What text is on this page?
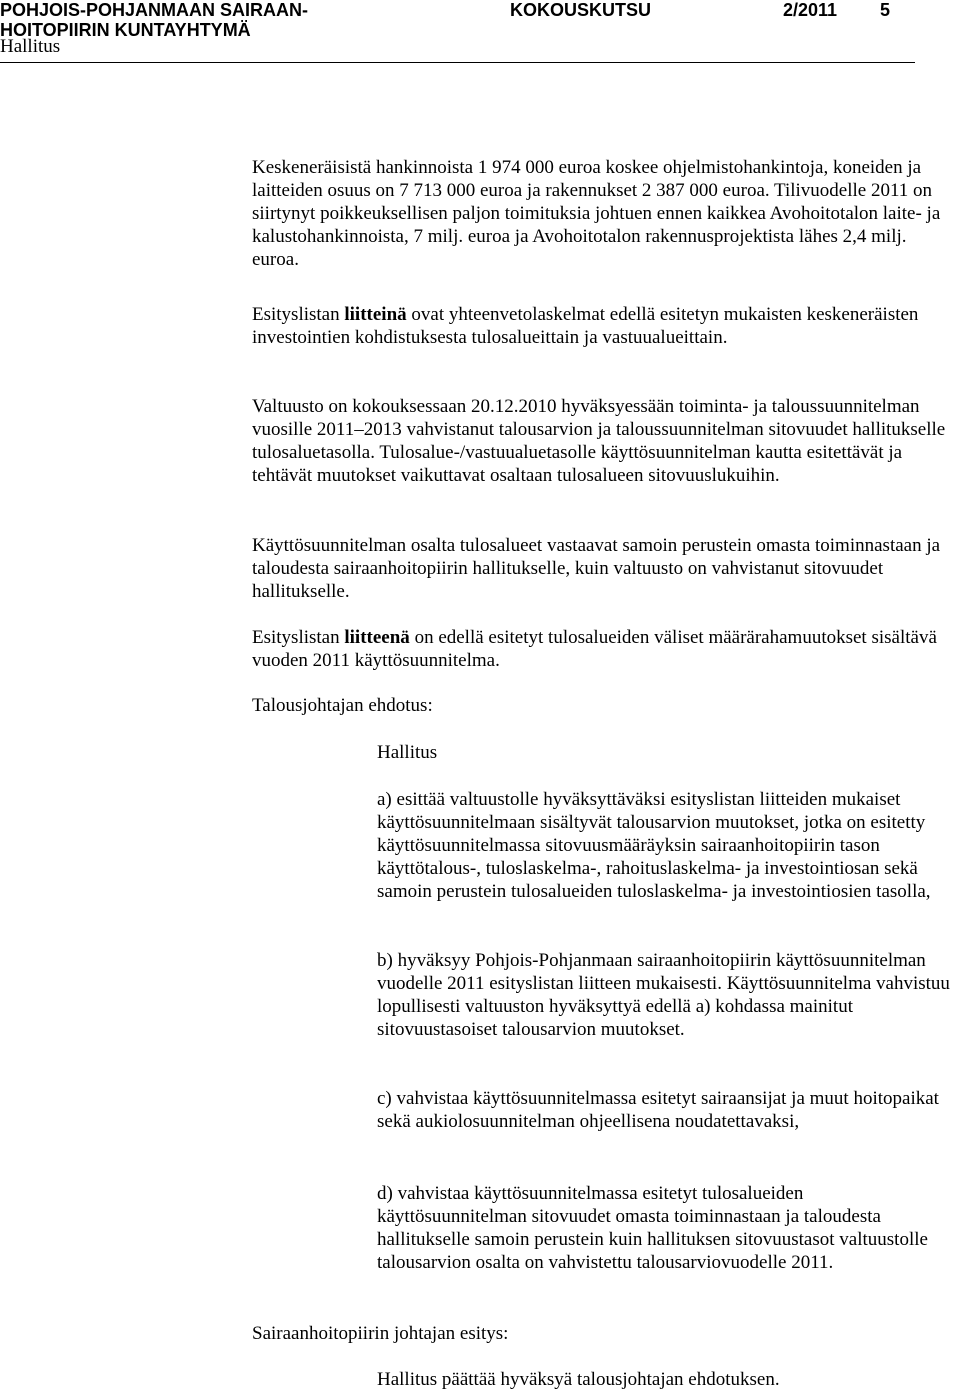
POHJOIS-POHJANMAAN SAIRAAN-
HOITOPIIRIN KUNTAYHTYMÄ
KOKOUSKUTSU	2/2011 5
Hallitus

Keskeneräisistä hankinnoista 1 974 000 euroa koskee ohjelmistohankintoja, koneiden ja laitteiden osuus on 7 713 000 euroa ja rakennukset 2 387 000 euroa. Tilivuodelle 2011 on siirtynyt poikkeuksellisen paljon toimituksia johtuen ennen kaikkea Avohoitotalon laite- ja kalustohankinnoista, 7 milj. euroa ja Avohoitotalon rakennusprojektista lähes 2,4 milj. euroa.

Esityslistan liitteinä ovat yhteenvetolaskelmat edellä esitetyn mukaisten keskeneräisten investointien kohdistuksesta tulosalueittain ja vastuualueittain.

Valtuusto on kokouksessaan 20.12.2010 hyväksyessään toiminta- ja taloussuunnitelman vuosille 2011–2013 vahvistanut talousarvion ja taloussuunnitelman sitovuudet hallitukselle tulosaluetasolla. Tulosalue-/vastuualuetasolle käyttösuunnitelman kautta esitettävät ja tehtävät muutokset vaikuttavat osaltaan tulosalueen sitovuuslukuihin.

Käyttösuunnitelman osalta tulosalueet vastaavat samoin perustein omasta toiminnastaan ja taloudesta sairaanhoitopiirin hallitukselle, kuin valtuusto on vahvistanut sitovuudet hallitukselle.

Esityslistan liitteenä on edellä esitetyt tulosalueiden väliset määrärahamuutokset sisältävä vuoden 2011 käyttösuunnitelma.

Talousjohtajan ehdotus:
Hallitus

a) esittää valtuustolle hyväksyttäväksi esityslistan liitteiden mukaiset käyttösuunnitelmaan sisältyvät talousarvion muutokset, jotka on esitetty käyttösuunnitelmassa sitovuusmääräyksin sairaanhoitopiirin tason käyttötalous-, tuloslaskelma-, rahoituslaskelma- ja investointiosan sekä samoin perustein tulosalueiden tuloslaskelma- ja investointiosien tasolla,

b) hyväksyy Pohjois-Pohjanmaan sairaanhoitopiirin käyttösuunnitelman vuodelle 2011 esityslistan liitteen mukaisesti. Käyttösuunnitelma vahvistuu lopullisesti valtuuston hyväksyttyä edellä a) kohdassa mainitut sitovuustasoiset talousarvion muutokset.

c) vahvistaa käyttösuunnitelmassa esitetyt sairaansijat ja muut hoitopaikat sekä aukiolosuunnitelman ohjeellisena noudatettavaksi,

d) vahvistaa käyttösuunnitelmassa esitetyt tulosalueiden käyttösuunnitelman sitovuudet omasta toiminnastaan ja taloudesta hallitukselle samoin perustein kuin hallituksen sitovuustasot valtuustolle talousarvion osalta on vahvistettu talousarviovuodelle 2011.

Sairaanhoitopiirin johtajan esitys:
Hallitus päättää hyväksyä talousjohtajan ehdotuksen.
